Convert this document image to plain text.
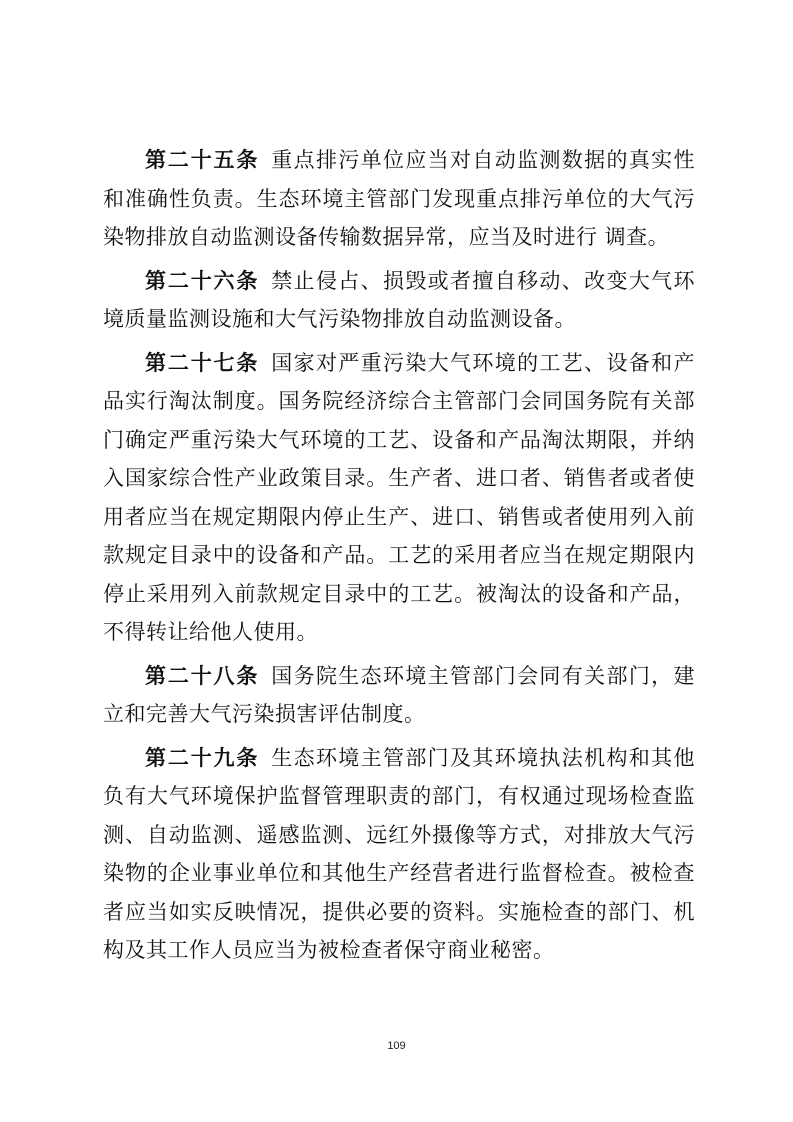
第二十五条 重点排污单位应当对自动监测数据的真实性和准确性负责。生态环境主管部门发现重点排污单位的大气污染物排放自动监测设备传输数据异常，应当及时进行 调查。

第二十六条 禁止侵占、损毁或者擅自移动、改变大气环境质量监测设施和大气污染物排放自动监测设备。

第二十七条 国家对严重污染大气环境的工艺、设备和产品实行淘汰制度。国务院经济综合主管部门会同国务院有关部门确定严重污染大气环境的工艺、设备和产品淘汰期限，并纳入国家综合性产业政策目录。生产者、进口者、销售者或者使用者应当在规定期限内停止生产、进口、销售或者使用列入前款规定目录中的设备和产品。工艺的采用者应当在规定期限内停止采用列入前款规定目录中的工艺。被淘汰的设备和产品，不得转让给他人使用。

第二十八条 国务院生态环境主管部门会同有关部门，建立和完善大气污染损害评估制度。

第二十九条 生态环境主管部门及其环境执法机构和其他负有大气环境保护监督管理职责的部门，有权通过现场检查监测、自动监测、遥感监测、远红外摄像等方式，对排放大气污染物的企业事业单位和其他生产经营者进行监督检查。被检查者应当如实反映情况，提供必要的资料。实施检查的部门、机构及其工作人员应当为被检查者保守商业秘密。

109
